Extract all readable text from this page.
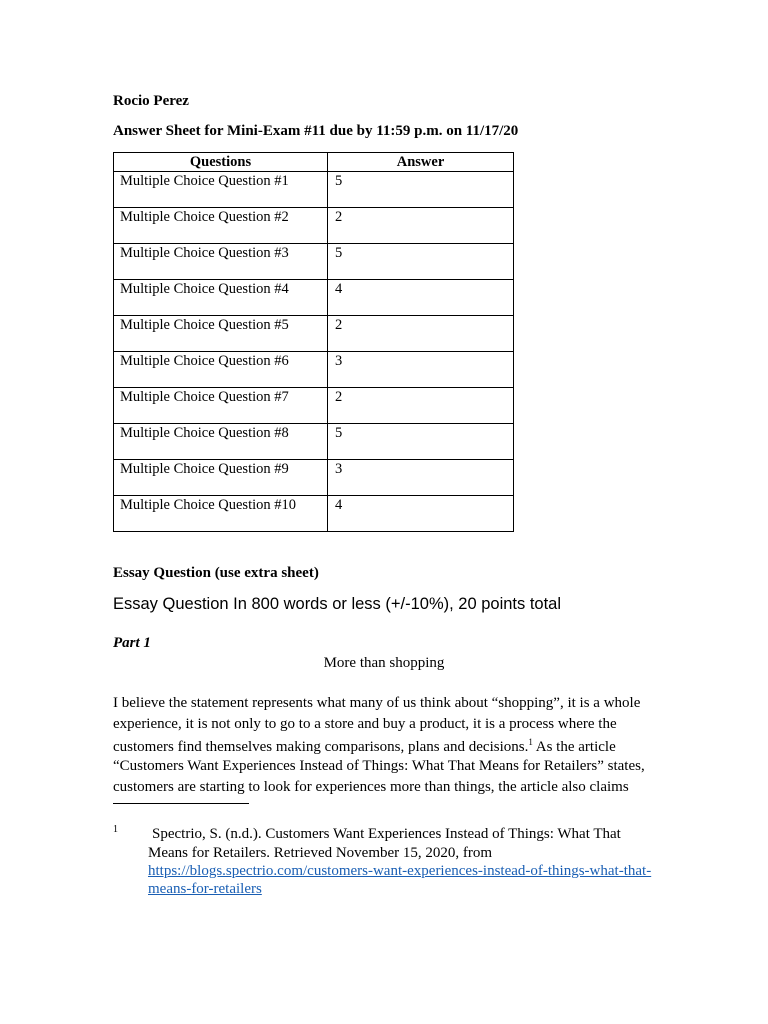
Rocio Perez
Answer Sheet for Mini-Exam #11 due by 11:59 p.m. on 11/17/20
Questions	Answer
Multiple Choice Question #1	5
Multiple Choice Question #2	2
Multiple Choice Question #3	5
Multiple Choice Question #4	4
Multiple Choice Question #5	2
Multiple Choice Question #6	3
Multiple Choice Question #7	2
Multiple Choice Question #8	5
Multiple Choice Question #9	3
Multiple Choice Question #10	4
Essay Question (use extra sheet)
Essay Question In 800 words or less (+/-10%), 20 points total
Part 1
More than shopping
I believe the statement represents what many of us think about “shopping”, it is a whole
experience, it is not only to go to a store and buy a product, it is a process where the
customers find themselves making comparisons, plans and decisions.$^1$ As the article
“Customers Want Experiences Instead of Things: What That Means for Retailers” states,
customers are starting to look for experiences more than things, the article also claims
1 Spectrio, S. (n.d.). Customers Want Experiences Instead of Things: What That
Means for Retailers. Retrieved November 15, 2020, from
https://blogs.spectrio.com/customers-want-experiences-instead-of-things-what-that-
means-for-retailers
